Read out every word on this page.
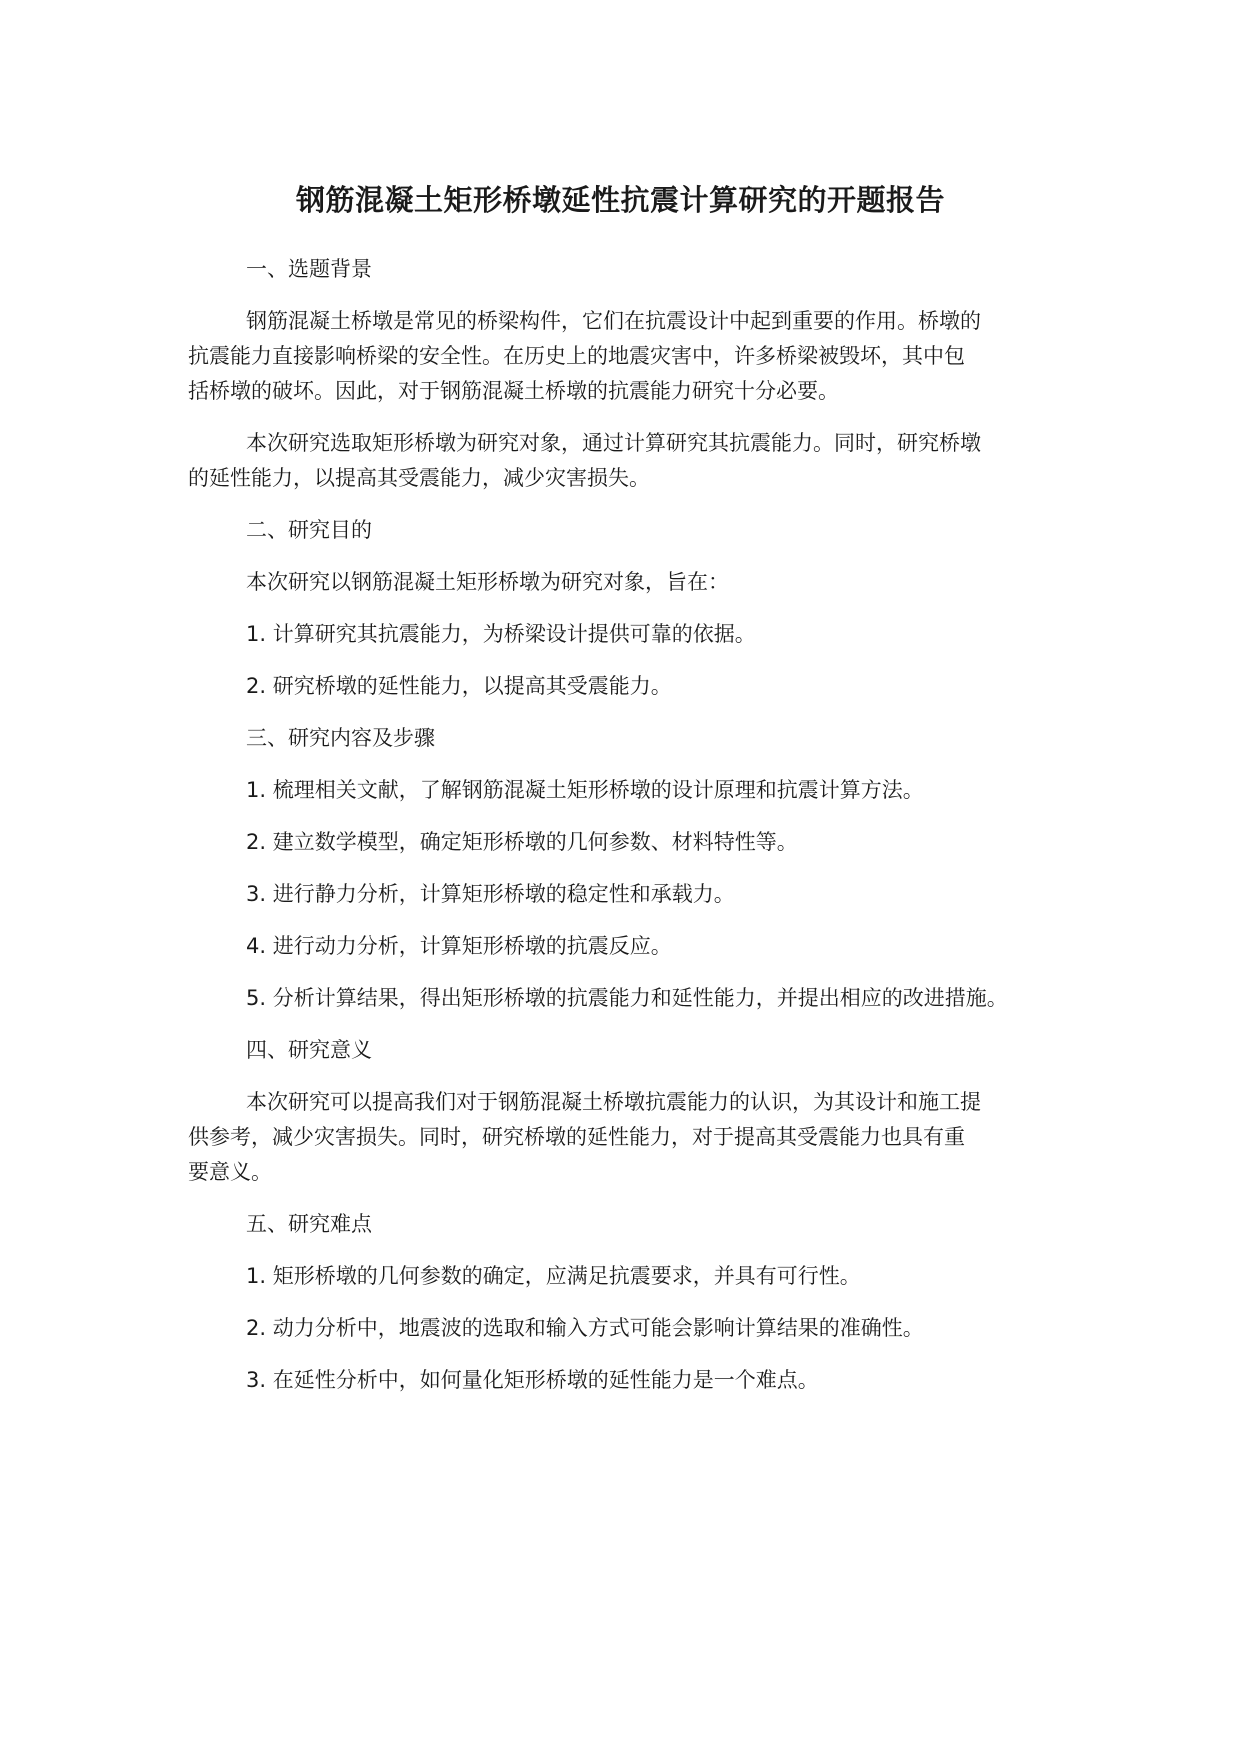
钢筋混凝土矩形桥墩延性抗震计算研究的开题报告
一、选题背景
钢筋混凝土桥墩是常见的桥梁构件，它们在抗震设计中起到重要的作用。桥墩的
抗震能力直接影响桥梁的安全性。在历史上的地震灾害中，许多桥梁被毁坏，其中包
括桥墩的破坏。因此，对于钢筋混凝土桥墩的抗震能力研究十分必要。
本次研究选取矩形桥墩为研究对象，通过计算研究其抗震能力。同时，研究桥墩
的延性能力，以提高其受震能力，减少灾害损失。
二、研究目的
本次研究以钢筋混凝土矩形桥墩为研究对象，旨在：
1. 计算研究其抗震能力，为桥梁设计提供可靠的依据。
2. 研究桥墩的延性能力，以提高其受震能力。
三、研究内容及步骤
1. 梳理相关文献，了解钢筋混凝土矩形桥墩的设计原理和抗震计算方法。
2. 建立数学模型，确定矩形桥墩的几何参数、材料特性等。
3. 进行静力分析，计算矩形桥墩的稳定性和承载力。
4. 进行动力分析，计算矩形桥墩的抗震反应。
5. 分析计算结果，得出矩形桥墩的抗震能力和延性能力，并提出相应的改进措施。
四、研究意义
本次研究可以提高我们对于钢筋混凝土桥墩抗震能力的认识，为其设计和施工提
供参考，减少灾害损失。同时，研究桥墩的延性能力，对于提高其受震能力也具有重
要意义。
五、研究难点
1. 矩形桥墩的几何参数的确定，应满足抗震要求，并具有可行性。
2. 动力分析中，地震波的选取和输入方式可能会影响计算结果的准确性。
3. 在延性分析中，如何量化矩形桥墩的延性能力是一个难点。
